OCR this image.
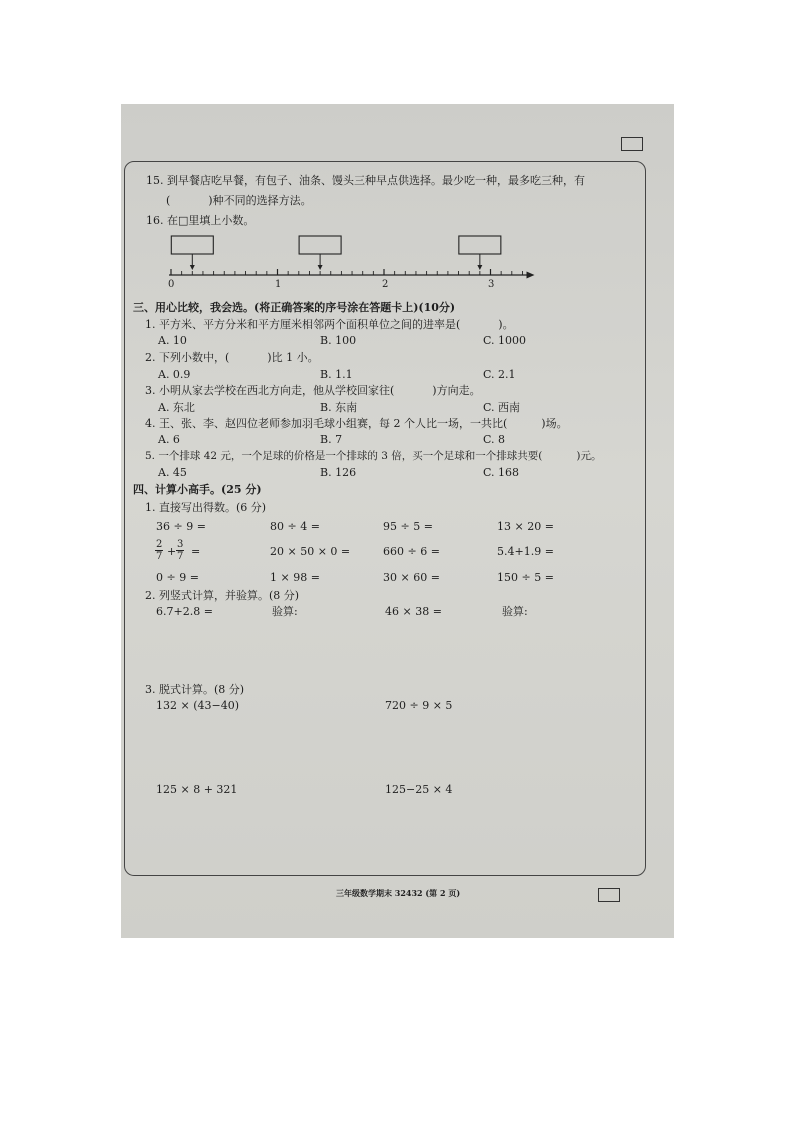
15. 到早餐店吃早餐，有包子、油条、馒头三种早点供选择。最少吃一种，最多吃三种，有
(	)种不同的选择方法。
16. 在□里填上小数。
0	1	2	3
三、用心比较，我会选。(将正确答案的序号涂在答题卡上)(10分)
1. 平方米、平方分米和平方厘米相邻两个面积单位之间的进率是(	)。
A. 10	B. 100	C. 1000
2. 下列小数中，(	)比 1 小。
A. 0.9	B. 1.1	C. 2.1
3. 小明从家去学校在西北方向走，他从学校回家往(	)方向走。
A. 东北	B. 东南	C. 西南
4. 王、张、李、赵四位老师参加羽毛球小组赛，每 2 个人比一场，一共比(	)场。
A. 6	B. 7	C. 8
5. 一个排球 42 元，一个足球的价格是一个排球的 3 倍，买一个足球和一个排球共要(	)元。
A. 45	B. 126	C. 168
四、计算小高手。(25 分)
1. 直接写出得数。(6 分)
36 ÷ 9 =	80 ÷ 4 =	95 ÷ 5 =	13 × 20 =
$\frac{2}{7} + \frac{3}{7}$ =	20 × 50 × 0 =	660 ÷ 6 =	5.4+1.9 =
0 ÷ 9 =	1 × 98 =	30 × 60 =	150 ÷ 5 =
2. 列竖式计算，并验算。(8 分)
6.7+2.8 =	验算:	46 × 38 =	验算:
3. 脱式计算。(8 分)
132 × (43−40)	720 ÷ 9 × 5
125 × 8 + 321	125−25 × 4
三年级数学期末 32432 (第 2 页)
